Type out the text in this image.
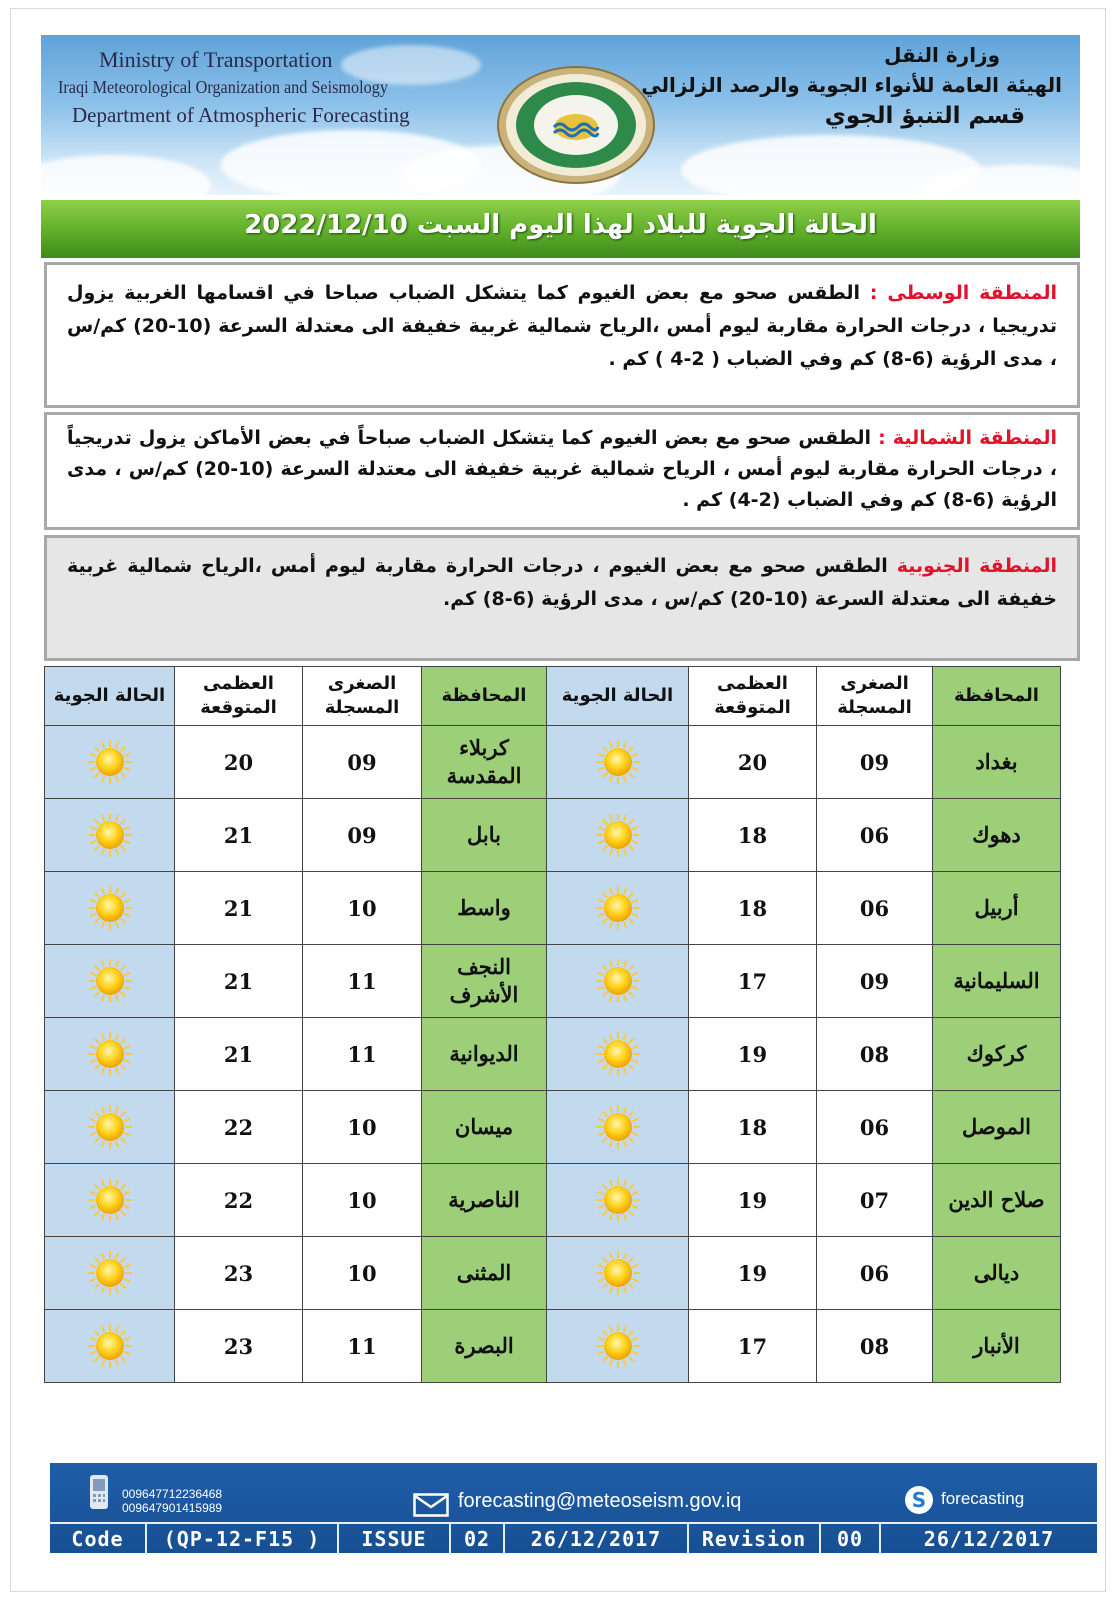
Ministry of Transportation
Iraqi Meteorological Organization and Seismology
Department of Atmospheric Forecasting
وزارة النقل
الهيئة العامة للأنواء الجوية والرصد الزلزالي
قسم التنبؤ الجوي
الحالة الجوية للبلاد لهذا اليوم السبت 2022/12/10
المنطقة الوسطى : الطقس صحو مع بعض الغيوم كما يتشكل الضباب صباحا في اقسامها الغربية يزول تدريجيا ، درجات الحرارة مقاربة ليوم أمس ،الرياح شمالية غربية خفيفة الى معتدلة السرعة (10-20) كم/س ، مدى الرؤية (6-8) كم وفي الضباب ( 2-4 ) كم .
المنطقة الشمالية : الطقس صحو مع بعض الغيوم كما يتشكل الضباب صباحاً في بعض الأماكن يزول تدريجياً ، درجات الحرارة مقاربة ليوم أمس ، الرياح شمالية غربية خفيفة الى معتدلة السرعة (10-20) كم/س ، مدى الرؤية (6-8) كم وفي الضباب (2-4) كم .
المنطقة الجنوبية الطقس صحو مع بعض الغيوم ، درجات الحرارة مقاربة ليوم أمس ،الرياح شمالية غربية خفيفة الى معتدلة السرعة (10-20) كم/س ، مدى الرؤية (6-8) كم.
الحالة الجوية	العظمى المتوقعة	الصغرى المسجلة	المحافظة	الحالة الجوية	العظمى المتوقعة	الصغرى المسجلة	المحافظة
	20	09	كربلاء المقدسة		20	09	بغداد
	21	09	بابل		18	06	دهوك
	21	10	واسط		18	06	أربيل
	21	11	النجف الأشرف		17	09	السليمانية
	21	11	الديوانية		19	08	كركوك
	22	10	ميسان		18	06	الموصل
	22	10	الناصرية		19	07	صلاح الدين
	23	10	المثنى		19	06	ديالى
	23	11	البصرة		17	08	الأنبار
009647712236468
009647901415989	forecasting@meteoseism.gov.iq	S forecasting
Code	(QP-12-F15 )	ISSUE	02	26/12/2017	Revision	00	26/12/2017
